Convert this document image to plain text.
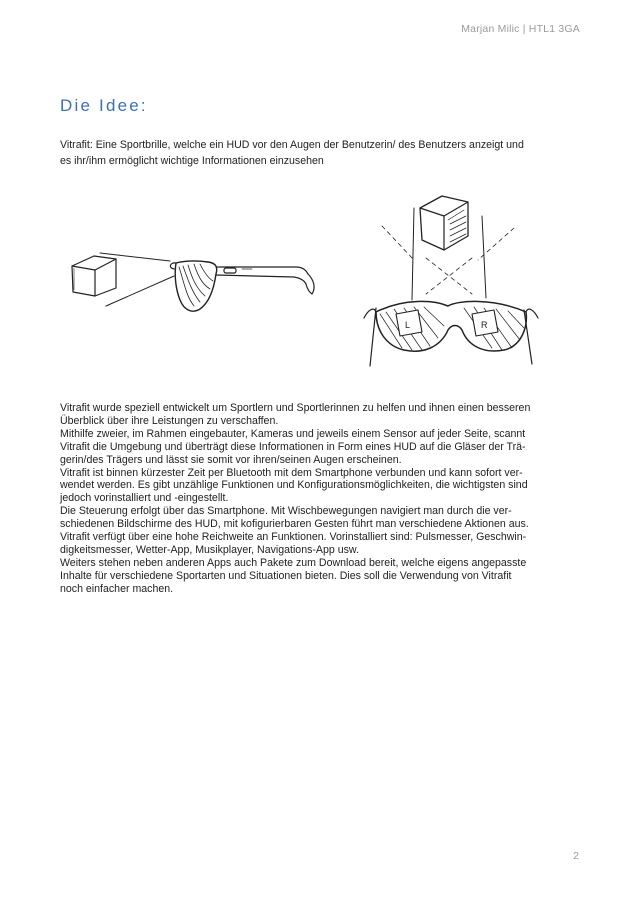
Marjan Milic | HTL1 3GA
Die Idee:
Vitrafit: Eine Sportbrille, welche ein HUD vor den Augen der Benutzerin/ des Benutzers anzeigt und
es ihr/ihm ermöglicht wichtige Informationen einzusehen
L	R

Vitrafit wurde speziell entwickelt um Sportlern und Sportlerinnen zu helfen und ihnen einen besseren

Überblick über ihre Leistungen zu verschaffen.

Mithilfe zweier, im Rahmen eingebauter, Kameras und jeweils einem Sensor auf jeder Seite, scannt

Vitrafit die Umgebung und überträgt diese Informationen in Form eines HUD auf die Gläser der Trä-

gerin/des Trägers und lässt sie somit vor ihren/seinen Augen erscheinen.

Vitrafit ist binnen kürzester Zeit per Bluetooth mit dem Smartphone verbunden und kann sofort ver-

wendet werden. Es gibt unzählige Funktionen und Konfigurationsmöglichkeiten, die wichtigsten sind

jedoch vorinstalliert und -eingestellt.

Die Steuerung erfolgt über das Smartphone. Mit Wischbewegungen navigiert man durch die ver-

schiedenen Bildschirme des HUD, mit kofigurierbaren Gesten führt man verschiedene Aktionen aus.

Vitrafit verfügt über eine hohe Reichweite an Funktionen. Vorinstalliert sind: Pulsmesser, Geschwin-

digkeitsmesser, Wetter-App, Musikplayer, Navigations-App usw.

Weiters stehen neben anderen Apps auch Pakete zum Download bereit, welche eigens angepasste

Inhalte für verschiedene Sportarten und Situationen bieten. Dies soll die Verwendung von Vitrafit

noch einfacher machen.

2
